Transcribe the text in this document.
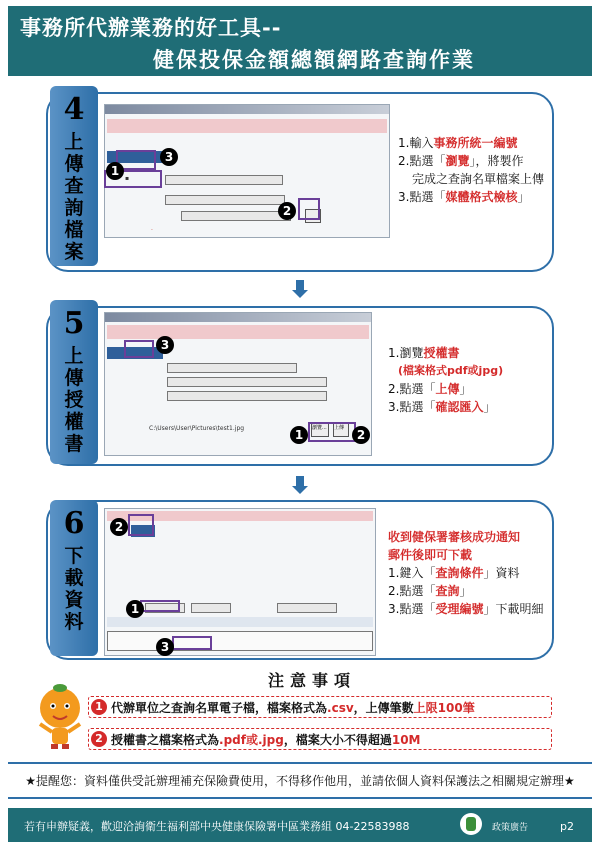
事務所代辦業務的好工具--
健保投保金額總額網路查詢作業
4
上傳查詢檔案
▪
·
1
3
2
1.輸入事務所統一編號
2.點選「瀏覽」，將製作
完成之查詢名單檔案上傳
3.點選「媒體格式檢核」
5
上傳授權書
C:\Users\User\Pictures\test1.jpg	瀏覽...	上傳
3
1	2
1.瀏覽授權書
(檔案格式pdf或jpg)
2.點選「上傳」
3.點選「確認匯入」
6
下載資料
2
1
3
收到健保署審核成功通知
郵件後即可下載
1.鍵入「查詢條件」資料
2.點選「查詢」
3.點選「受理編號」下載明細
注意事項
1 代辦單位之查詢名單電子檔，檔案格式為.csv，上傳筆數上限100筆
2 授權書之檔案格式為.pdf或.jpg，檔案大小不得超過10M
★提醒您：資料僅供受託辦理補充保險費使用，不得移作他用，並請依個人資料保護法之相關規定辦理★
若有申辦疑義，歡迎洽詢衛生福利部中央健康保險署中區業務組 04-22583988	政策廣告	p2
